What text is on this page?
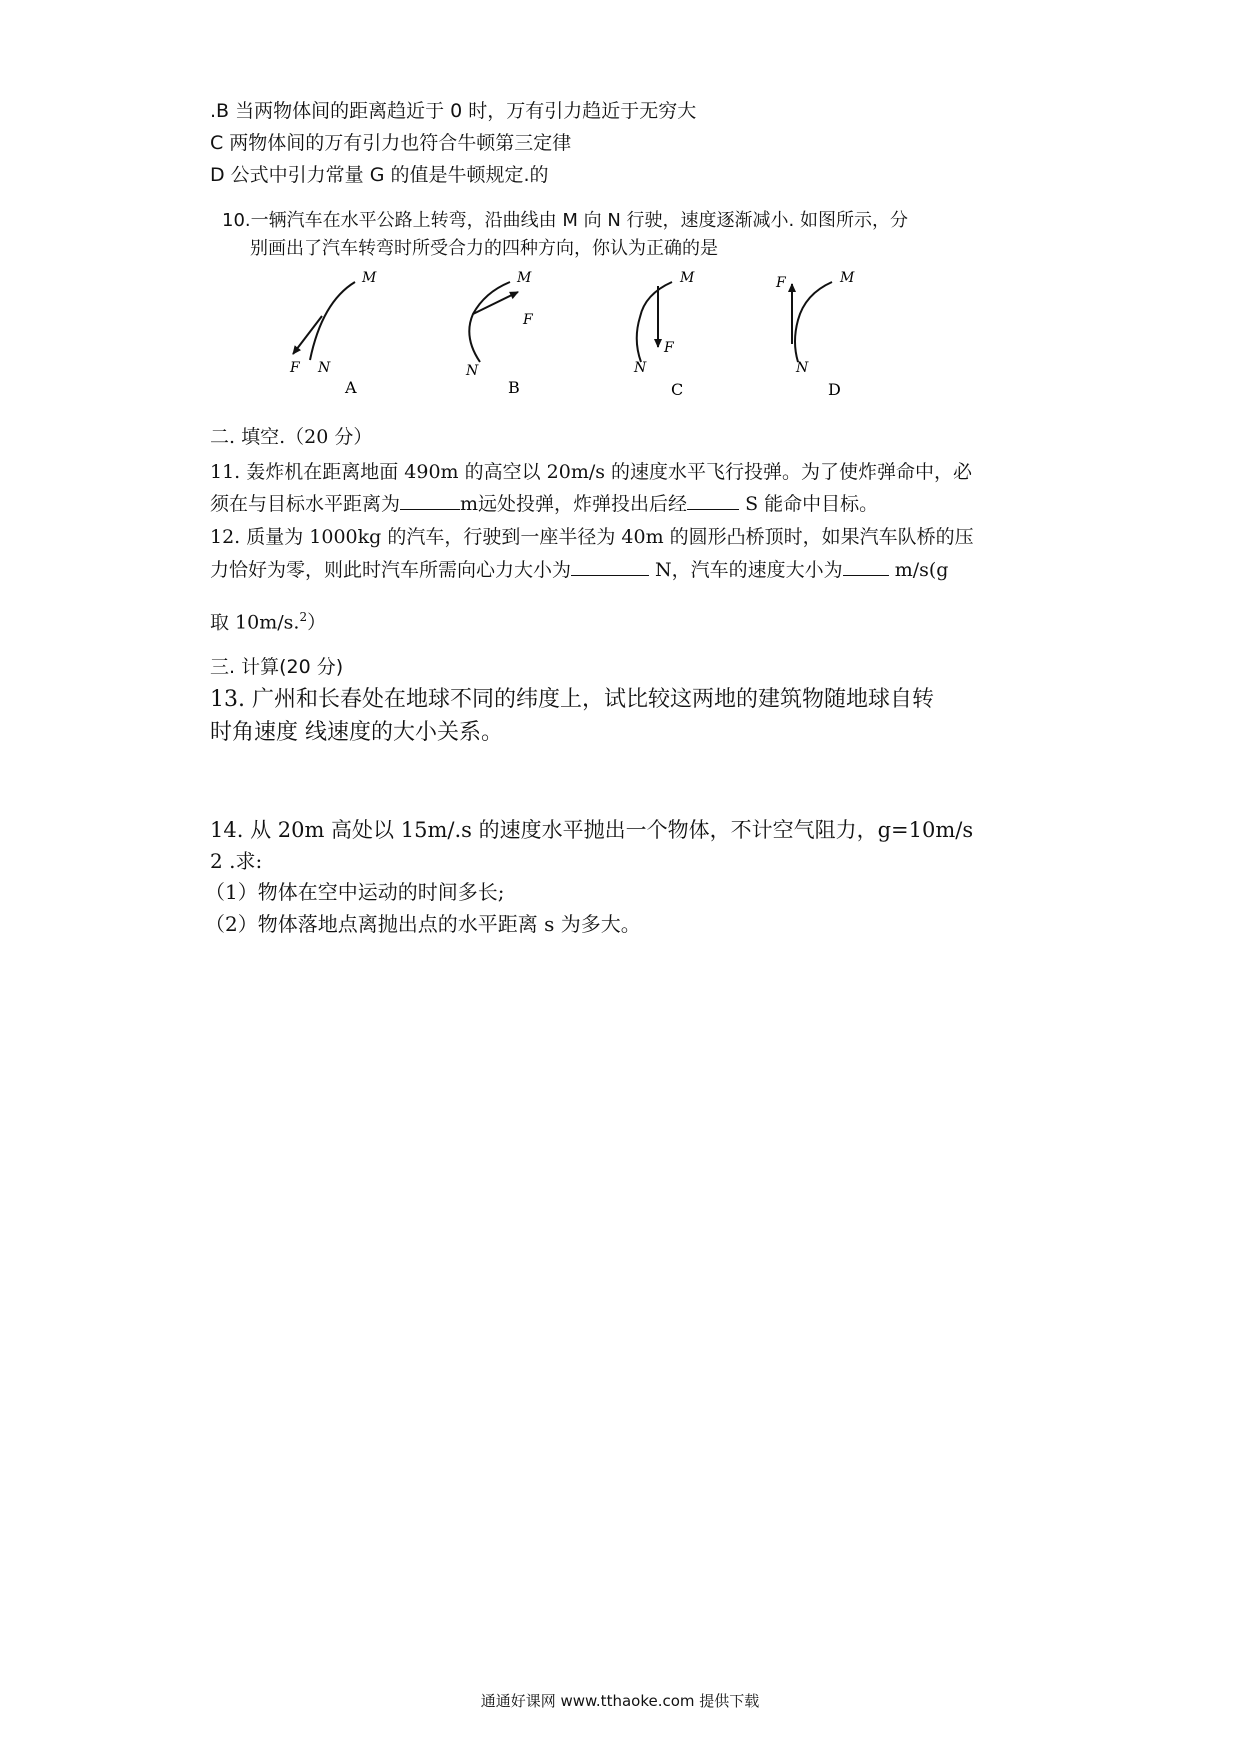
.B 当两物体间的距离趋近于 0 时，万有引力趋近于无穷大
C 两物体间的万有引力也符合牛顿第三定律
D 公式中引力常量 G 的值是牛顿规定.的
10.一辆汽车在水平公路上转弯，沿曲线由 M 向 N 行驶，速度逐渐减小. 如图所示，分
别画出了汽车转弯时所受合力的四种方向，你认为正确的是
M
F N
A
M
F
N
B
M
F
N
C
M
F
N
D
二. 填空.（20 分）
11. 轰炸机在距离地面 490m 的高空以 20m/s 的速度水平飞行投弹。为了使炸弹命中，必
须在与目标水平距离为	m远处投弹，炸弹投出后经	S 能命中目标。
12. 质量为 1000kg 的汽车，行驶到一座半径为 40m 的圆形凸桥顶时，如果汽车队桥的压
力恰好为零，则此时汽车所需向心力大小为	N，汽车的速度大小为 m/s(g
取 10m/s.$^2$）
三. 计算(20 分)
13. 广州和长春处在地球不同的纬度上，试比较这两地的建筑物随地球自转
时角速度 线速度的大小关系。
14. 从 20m 高处以 15m/.s 的速度水平抛出一个物体，不计空气阻力，g=10m/s
2 .求:
（1）物体在空中运动的时间多长;
（2）物体落地点离抛出点的水平距离 s 为多大。
通通好课网 www.tthaoke.com 提供下载
